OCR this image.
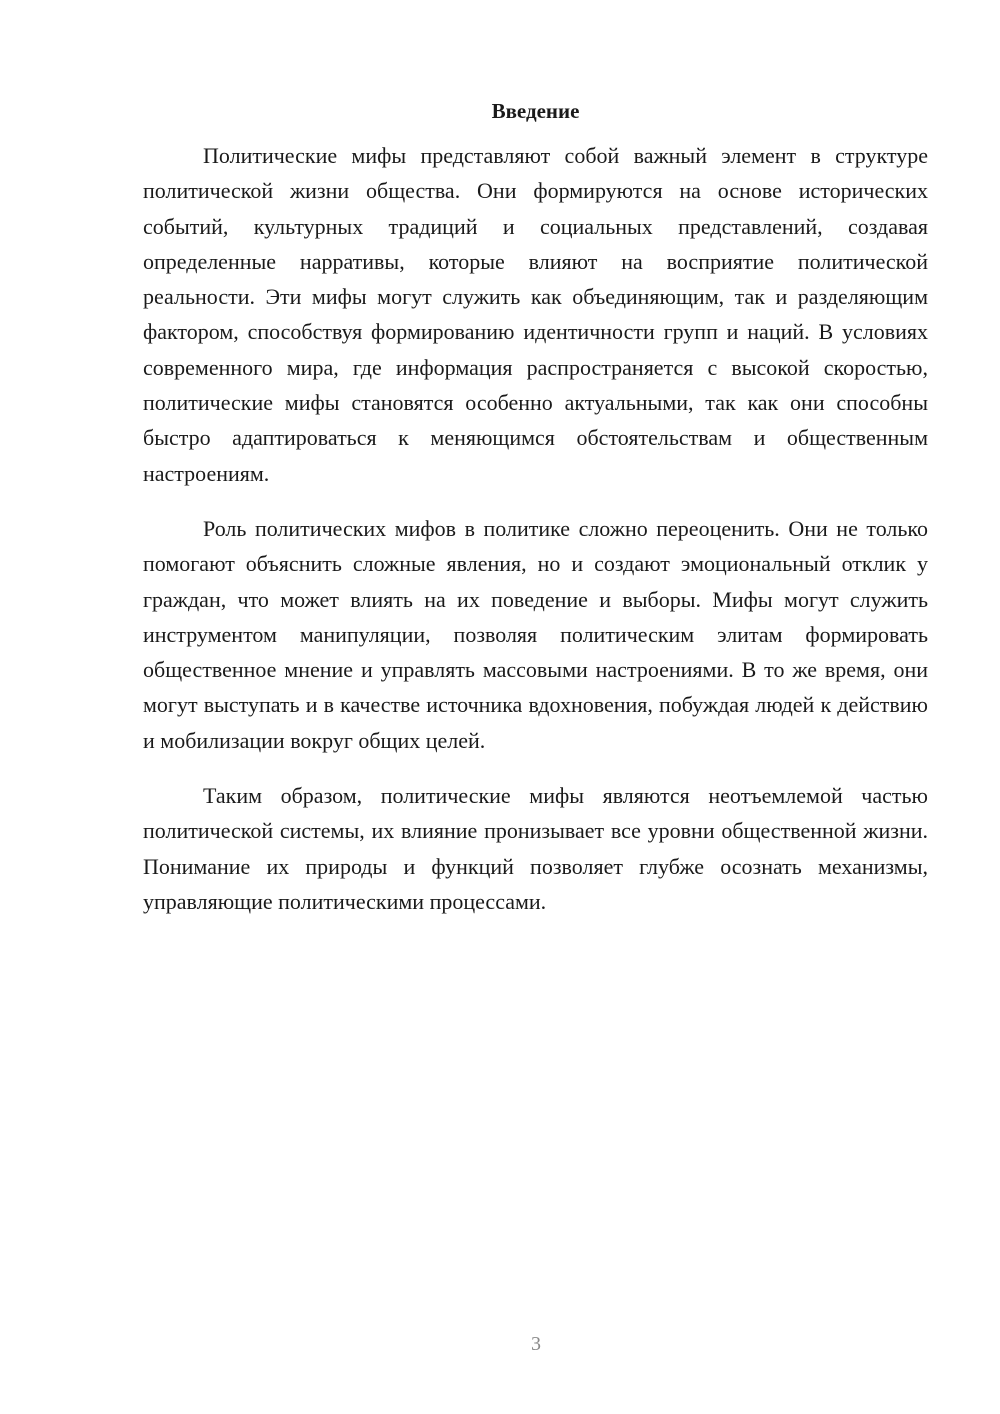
Введение

Политические мифы представляют собой важный элемент в структуре политической жизни общества. Они формируются на основе исторических событий, культурных традиций и социальных представлений, создавая определенные нарративы, которые влияют на восприятие политической реальности. Эти мифы могут служить как объединяющим, так и разделяющим фактором, способствуя формированию идентичности групп и наций. В условиях современного мира, где информация распространяется с высокой скоростью, политические мифы становятся особенно актуальными, так как они способны быстро адаптироваться к меняющимся обстоятельствам и общественным настроениям.

Роль политических мифов в политике сложно переоценить. Они не только помогают объяснить сложные явления, но и создают эмоциональный отклик у граждан, что может влиять на их поведение и выборы. Мифы могут служить инструментом манипуляции, позволяя политическим элитам формировать общественное мнение и управлять массовыми настроениями. В то же время, они могут выступать и в качестве источника вдохновения, побуждая людей к действию и мобилизации вокруг общих целей.

Таким образом, политические мифы являются неотъемлемой частью политической системы, их влияние пронизывает все уровни общественной жизни. Понимание их природы и функций позволяет глубже осознать механизмы, управляющие политическими процессами.

3
